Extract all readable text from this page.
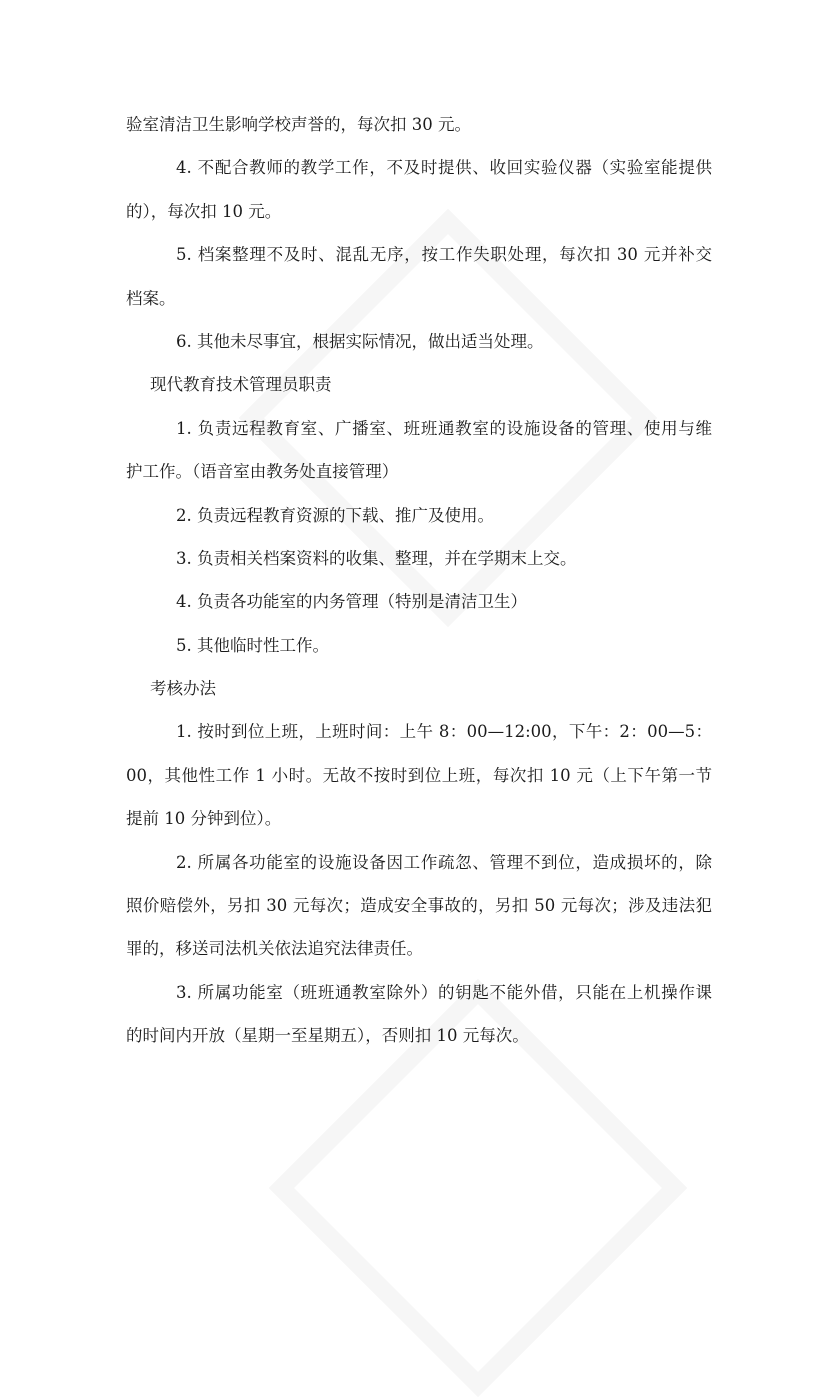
验室清洁卫生影响学校声誉的，每次扣 30 元。
4. 不配合教师的教学工作，不及时提供、收回实验仪器（实验室能提供
的），每次扣 10 元。
5. 档案整理不及时、混乱无序，按工作失职处理，每次扣 30 元并补交
档案。
6. 其他未尽事宜，根据实际情况，做出适当处理。
现代教育技术管理员职责
1. 负责远程教育室、广播室、班班通教室的设施设备的管理、使用与维
护工作。（语音室由教务处直接管理）
2. 负责远程教育资源的下载、推广及使用。
3. 负责相关档案资料的收集、整理，并在学期末上交。
4. 负责各功能室的内务管理（特别是清洁卫生）
5. 其他临时性工作。
考核办法
1. 按时到位上班，上班时间：上午 8：00—12:00，下午：2：00—5：
00，其他性工作 1 小时。无故不按时到位上班，每次扣 10 元（上下午第一节
提前 10 分钟到位）。
2. 所属各功能室的设施设备因工作疏忽、管理不到位，造成损坏的，除
照价赔偿外，另扣 30 元每次；造成安全事故的，另扣 50 元每次；涉及违法犯
罪的，移送司法机关依法追究法律责任。
3. 所属功能室（班班通教室除外）的钥匙不能外借，只能在上机操作课
的时间内开放（星期一至星期五），否则扣 10 元每次。
